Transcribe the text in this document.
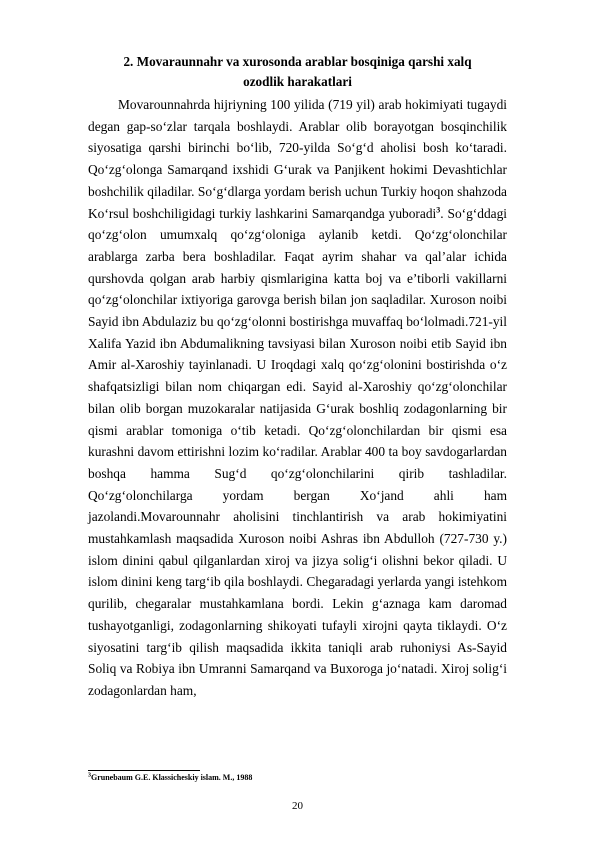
2. Movaraunnahr va xurosonda arablar bosqiniga qarshi xalq
ozodlik harakatlari

Movarounnahrda hijriyning 100 yilida (719 yil) arab hokimiyati tugaydi degan gap-so‘zlar tarqala boshlaydi. Arablar olib borayotgan bosqinchilik siyosatiga qarshi birinchi bo‘lib, 720-yilda So‘g‘d aholisi bosh ko‘taradi. Qo‘zg‘olonga Samarqand ixshidi G‘urak va Panjikent hokimi Devashtichlar boshchilik qiladilar. So‘g‘dlarga yordam berish uchun Turkiy hoqon shahzoda Ko‘rsul boshchiligidagi turkiy lashkarini Samarqandga yuboradi$^3$. So‘g‘ddagi qo‘zg‘olon umumxalq qo‘zg‘oloniga aylanib ketdi. Qo‘zg‘olonchilar arablarga zarba bera boshladilar. Faqat ayrim shahar va qal’alar ichida qurshovda qolgan arab harbiy qismlarigina katta boj va e’tiborli vakillarni qo‘zg‘olonchilar ixtiyoriga garovga berish bilan jon saqladilar. Xuroson noibi Sayid ibn Abdulaziz bu qo‘zg‘olonni bostirishga muvaffaq bo‘lolmadi.721-yil Xalifa Yazid ibn Abdumalikning tavsiyasi bilan Xuroson noibi etib Sayid ibn Amir al-Xaroshiy tayinlanadi. U Iroqdagi xalq qo‘zg‘olonini bostirishda o‘z shafqatsizligi bilan nom chiqargan edi. Sayid al-Xaroshiy qo‘zg‘olonchilar bilan olib borgan muzokaralar natijasida G‘urak boshliq zodagonlarning bir qismi arablar tomoniga o‘tib ketadi. Qo‘zg‘olonchilardan bir qismi esa kurashni davom ettirishni lozim ko‘radilar. Arablar 400 ta boy savdogarlardan boshqa hamma Sug‘d qo‘zg‘olonchilarini qirib tashladilar. Qo‘zg‘olonchilarga yordam bergan Xo‘jand ahli ham jazolandi.Movarounnahr aholisini tinchlantirish va arab hokimiyatini mustahkamlash maqsadida Xuroson noibi Ashras ibn Abdulloh (727-730 y.) islom dinini qabul qilganlardan xiroj va jizya solig‘i olishni bekor qiladi. U islom dinini keng targ‘ib qila boshlaydi. Chegaradagi yerlarda yangi istehkom qurilib, chegaralar mustahkamlana bordi. Lekin g‘aznaga kam daromad tushayotganligi, zodagonlarning shikoyati tufayli xirojni qayta tiklaydi. O‘z siyosatini targ‘ib qilish maqsadida ikkita taniqli arab ruhoniysi As-Sayid Soliq va Robiya ibn Umranni Samarqand va Buxoroga jo‘natadi. Xiroj solig‘i zodagonlardan ham,

$^3$Grunebaum G.E. Klassicheskiy islam. M., 1988
20
